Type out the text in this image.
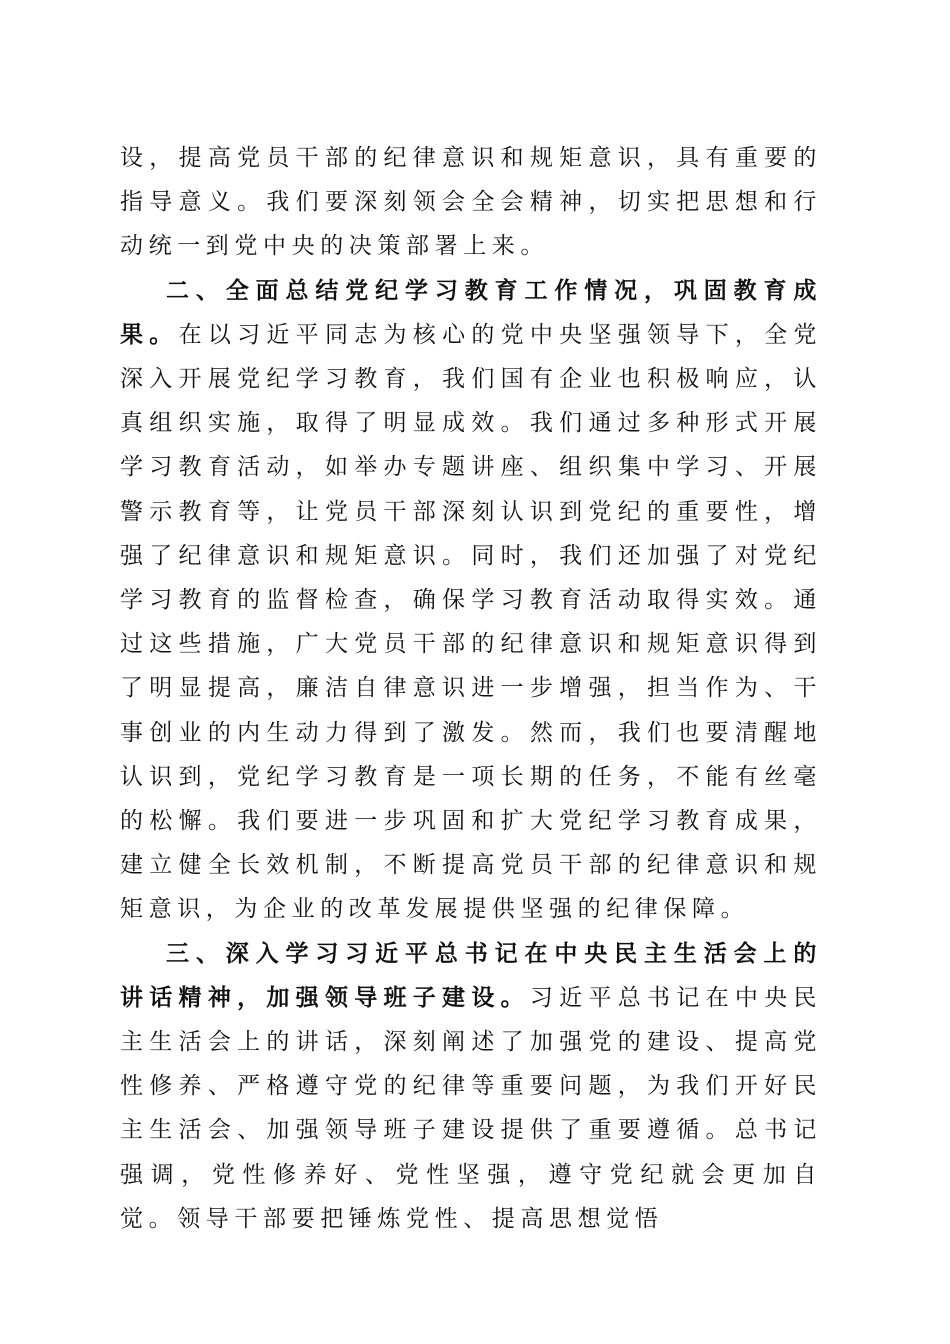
设，提高党员干部的纪律意识和规矩意识，具有重要的指导意义。我们要深刻领会全会精神，切实把思想和行动统一到党中央的决策部署上来。

二、全面总结党纪学习教育工作情况，巩固教育成果。在以习近平同志为核心的党中央坚强领导下，全党深入开展党纪学习教育，我们国有企业也积极响应，认真组织实施，取得了明显成效。我们通过多种形式开展学习教育活动，如举办专题讲座、组织集中学习、开展警示教育等，让党员干部深刻认识到党纪的重要性，增强了纪律意识和规矩意识。同时，我们还加强了对党纪学习教育的监督检查，确保学习教育活动取得实效。通过这些措施，广大党员干部的纪律意识和规矩意识得到了明显提高，廉洁自律意识进一步增强，担当作为、干事创业的内生动力得到了激发。然而，我们也要清醒地认识到，党纪学习教育是一项长期的任务，不能有丝毫的松懈。我们要进一步巩固和扩大党纪学习教育成果，建立健全长效机制，不断提高党员干部的纪律意识和规矩意识，为企业的改革发展提供坚强的纪律保障。

三、深入学习习近平总书记在中央民主生活会上的讲话精神，加强领导班子建设。习近平总书记在中央民主生活会上的讲话，深刻阐述了加强党的建设、提高党性修养、严格遵守党的纪律等重要问题，为我们开好民主生活会、加强领导班子建设提供了重要遵循。总书记强调，党性修养好、党性坚强，遵守党纪就会更加自觉。领导干部要把锤炼党性、提高思想觉悟
